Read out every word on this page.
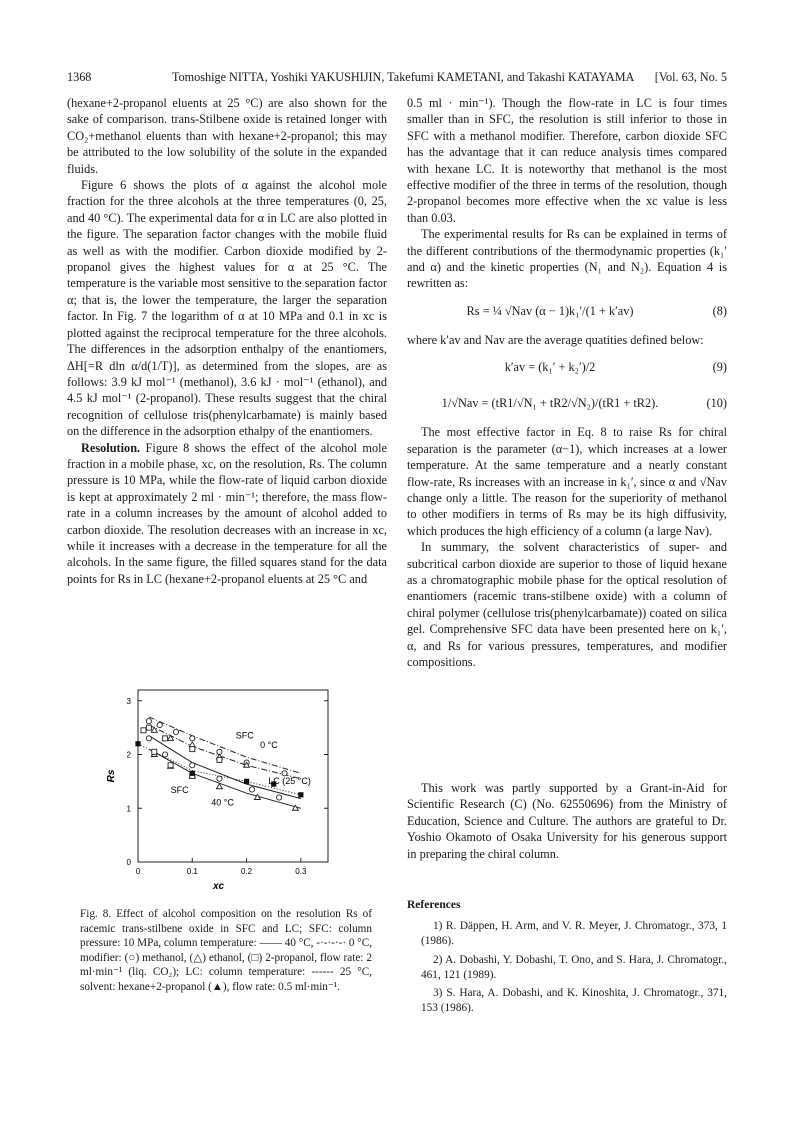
1368	Tomoshige NITTA, Yoshiki YAKUSHIJIN, Takefumi KAMETANI, and Takashi KATAYAMA [Vol. 63, No. 5

(hexane+2-propanol eluents at 25 °C) are also shown for the sake of comparison. trans-Stilbene oxide is retained longer with CO₂+methanol eluents than with hexane+2-propanol; this may be attributed to the low solubility of the solute in the expanded fluids.

Figure 6 shows the plots of α against the alcohol mole fraction for the three alcohols at the three temperatures (0, 25, and 40 °C). The experimental data for α in LC are also plotted in the figure. The separation factor changes with the mobile fluid as well as with the modifier. Carbon dioxide modified by 2-propanol gives the highest values for α at 25 °C. The temperature is the variable most sensitive to the separation factor α; that is, the lower the temperature, the larger the separation factor. In Fig. 7 the logarithm of α at 10 MPa and 0.1 in xc is plotted against the reciprocal temperature for the three alcohols. The differences in the adsorption enthalpy of the enantiomers, ΔH[=R dln α/d(1/T)], as determined from the slopes, are as follows: 3.9 kJ mol⁻¹ (methanol), 3.6 kJ · mol⁻¹ (ethanol), and 4.5 kJ mol⁻¹ (2-propanol). These results suggest that the chiral recognition of cellulose tris(phenylcarbamate) is mainly based on the difference in the adsorption ethalpy of the enantiomers.

Resolution. Figure 8 shows the effect of the alcohol mole fraction in a mobile phase, xc, on the resolution, Rs. The column pressure is 10 MPa, while the flow-rate of liquid carbon dioxide is kept at approximately 2 ml · min⁻¹; therefore, the mass flow-rate in a column increases by the amount of alcohol added to carbon dioxide. The resolution decreases with an increase in xc, while it increases with a decrease in the temperature for all the alcohols. In the same figure, the filled squares stand for the data points for Rs in LC (hexane+2-propanol eluents at 25 °C and

0.5 ml · min⁻¹). Though the flow-rate in LC is four times smaller than in SFC, the resolution is still inferior to those in SFC with a methanol modifier. Therefore, carbon dioxide SFC has the advantage that it can reduce analysis times compared with hexane LC. It is noteworthy that methanol is the most effective modifier of the three in terms of the resolution, though 2-propanol becomes more effective when the xc value is less than 0.03.

The experimental results for Rs can be explained in terms of the different contributions of the thermodynamic properties (k₁′ and α) and the kinetic properties (N₁ and N₂). Equation 4 is rewritten as:

Rs = ¼ √Nav (α − 1)k₁′/(1 + k′av)	(8)

where k′av and Nav are the average quatities defined below:

k′av = (k₁′ + k₂′)/2	(9)
1/√Nav = (tR1/√N₁ + tR2/√N₂)/(tR1 + tR2).	(10)

The most effective factor in Eq. 8 to raise Rs for chiral separation is the parameter (α−1), which increases at a lower temperature. At the same temperature and a nearly constant flow-rate, Rs increases with an increase in k₁′, since α and √Nav change only a little. The reason for the superiority of methanol to other modifiers in terms of Rs may be its high diffusivity, which produces the high efficiency of a column (a large Nav).

In summary, the solvent characteristics of super- and subcritical carbon dioxide are superior to those of liquid hexane as a chromatographic mobile phase for the optical resolution of enantiomers (racemic trans-stilbene oxide) with a column of chiral polymer (cellulose tris(phenylcarbamate)) coated on silica gel. Comprehensive SFC data have been presented here on k₁′, α, and Rs for various pressures, temperatures, and modifier compositions.

0	0.1	0.2	0.3
0
1
2
3
xc
Rs
SFC
0 °C
SFC
40 °C
LC (25 °C)
Fig. 8. Effect of alcohol composition on the resolution Rs of racemic trans-stilbene oxide in SFC and LC; SFC: column pressure: 10 MPa, column temperature: —— 40 °C, -·-·-·-· 0 °C, modifier: (○) methanol, (△) ethanol, (□) 2-propanol, flow rate: 2 ml·min⁻¹ (liq. CO₂); LC: column temperature: ------ 25 °C, solvent: hexane+2-propanol (▲), flow rate: 0.5 ml·min⁻¹.
This work was partly supported by a Grant-in-Aid for Scientific Research (C) (No. 62550696) from the Ministry of Education, Science and Culture. The authors are grateful to Dr. Yoshio Okamoto of Osaka University for his generous support in preparing the chiral column.
References
1) R. Däppen, H. Arm, and V. R. Meyer, J. Chromatogr., 373, 1 (1986).
2) A. Dobashi, Y. Dobashi, T. Ono, and S. Hara, J. Chromatogr., 461, 121 (1989).
3) S. Hara, A. Dobashi, and K. Kinoshita, J. Chromatogr., 371, 153 (1986).
